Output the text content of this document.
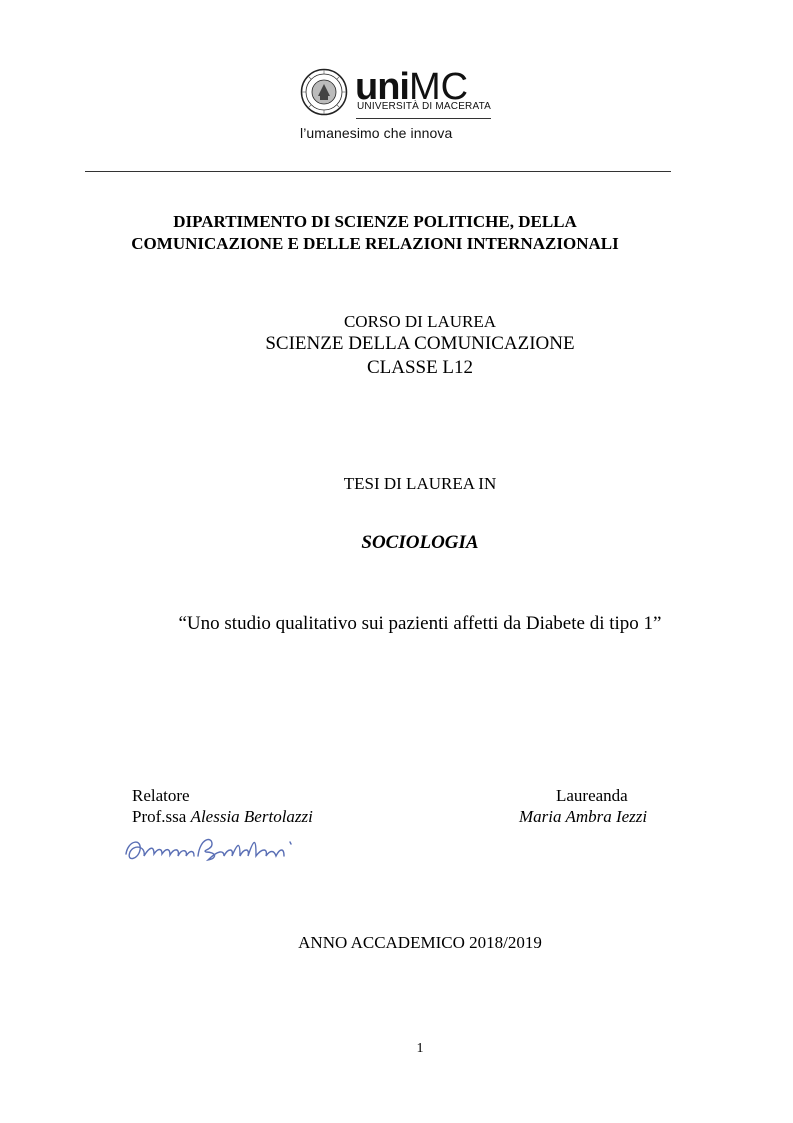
uniMC
UNIVERSITÀ DI MACERATA
l’umanesimo che innova
DIPARTIMENTO DI SCIENZE POLITICHE, DELLA
COMUNICAZIONE E DELLE RELAZIONI INTERNAZIONALI
CORSO DI LAUREA
SCIENZE DELLA COMUNICAZIONE
CLASSE L12
TESI DI LAUREA IN
SOCIOLOGIA
“Uno studio qualitativo sui pazienti affetti da Diabete di tipo 1”
Relatore
Prof.ssa Alessia Bertolazzi
Laureanda
Maria Ambra Iezzi
ANNO ACCADEMICO 2018/2019
1
